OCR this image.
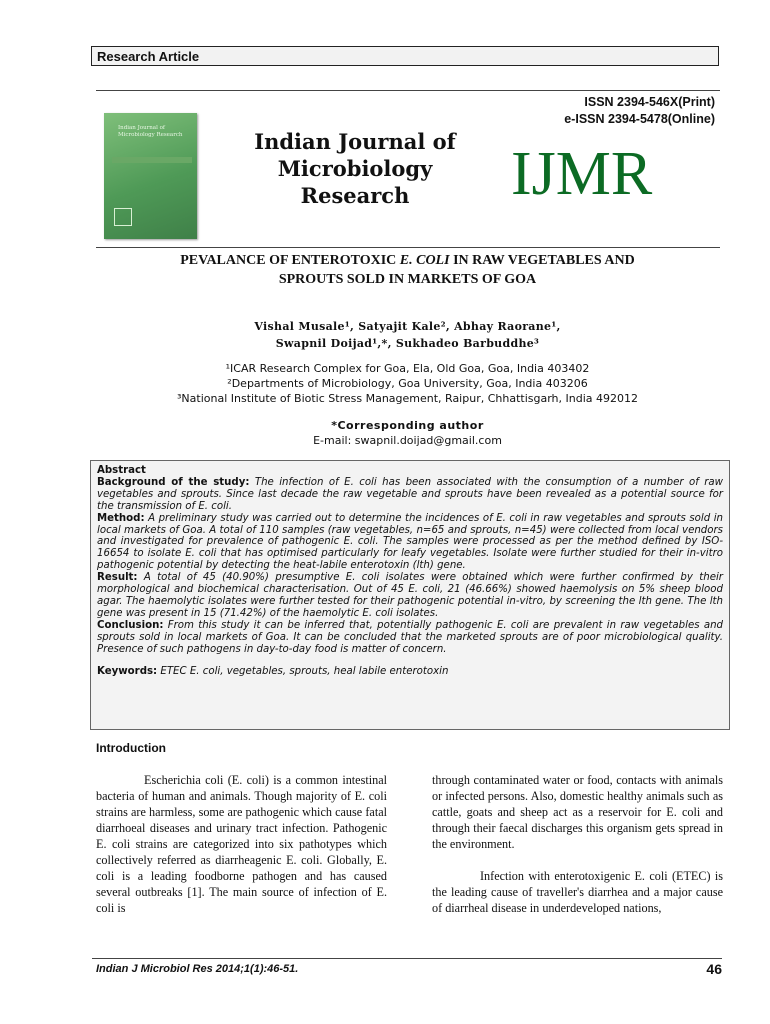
Research Article
ISSN 2394-546X(Print)
e-ISSN 2394-5478(Online)
Indian Journal of Microbiology Research	Indian Journal of
Microbiology
Research	IJMR
PEVALANCE OF ENTEROTOXIC E. COLI IN RAW VEGETABLES AND
SPROUTS SOLD IN MARKETS OF GOA
Vishal Musale¹, Satyajit Kale², Abhay Raorane¹,
Swapnil Doijad¹,*, Sukhadeo Barbuddhe³
¹ICAR Research Complex for Goa, Ela, Old Goa, Goa, India 403402
²Departments of Microbiology, Goa University, Goa, India 403206
³National Institute of Biotic Stress Management, Raipur, Chhattisgarh, India 492012
*Corresponding author
E-mail: swapnil.doijad@gmail.com

Abstract

Background of the study: The infection of E. coli has been associated with the consumption of a number of raw vegetables and sprouts. Since last decade the raw vegetable and sprouts have been revealed as a potential source for the transmission of E. coli.

Method: A preliminary study was carried out to determine the incidences of E. coli in raw vegetables and sprouts sold in local markets of Goa. A total of 110 samples (raw vegetables, n=65 and sprouts, n=45) were collected from local vendors and investigated for prevalence of pathogenic E. coli. The samples were processed as per the method defined by ISO-16654 to isolate E. coli that has optimised particularly for leafy vegetables. Isolate were further studied for their in-vitro pathogenic potential by detecting the heat-labile enterotoxin (lth) gene.

Result: A total of 45 (40.90%) presumptive E. coli isolates were obtained which were further confirmed by their morphological and biochemical characterisation. Out of 45 E. coli, 21 (46.66%) showed haemolysis on 5% sheep blood agar. The haemolytic isolates were further tested for their pathogenic potential in-vitro, by screening the lth gene. The lth gene was present in 15 (71.42%) of the haemolytic E. coli isolates.

Conclusion: From this study it can be inferred that, potentially pathogenic E. coli are prevalent in raw vegetables and sprouts sold in local markets of Goa. It can be concluded that the marketed sprouts are of poor microbiological quality. Presence of such pathogens in day-to-day food is matter of concern.

Keywords: ETEC E. coli, vegetables, sprouts, heal labile enterotoxin

Introduction

Escherichia coli (E. coli) is a common intestinal bacteria of human and animals. Though majority of E. coli strains are harmless, some are pathogenic which cause fatal diarrhoeal diseases and urinary tract infection. Pathogenic E. coli strains are categorized into six pathotypes which collectively referred as diarrheagenic E. coli. Globally, E. coli is a leading foodborne pathogen and has caused several outbreaks [1]. The main source of infection of E. coli is

through contaminated water or food, contacts with animals or infected persons. Also, domestic healthy animals such as cattle, goats and sheep act as a reservoir for E. coli and through their faecal discharges this organism gets spread in the environment.

Infection with enterotoxigenic E. coli (ETEC) is the leading cause of traveller's diarrhea and a major cause of diarrheal disease in underdeveloped nations,

Indian J Microbiol Res 2014;1(1):46-51.	46
